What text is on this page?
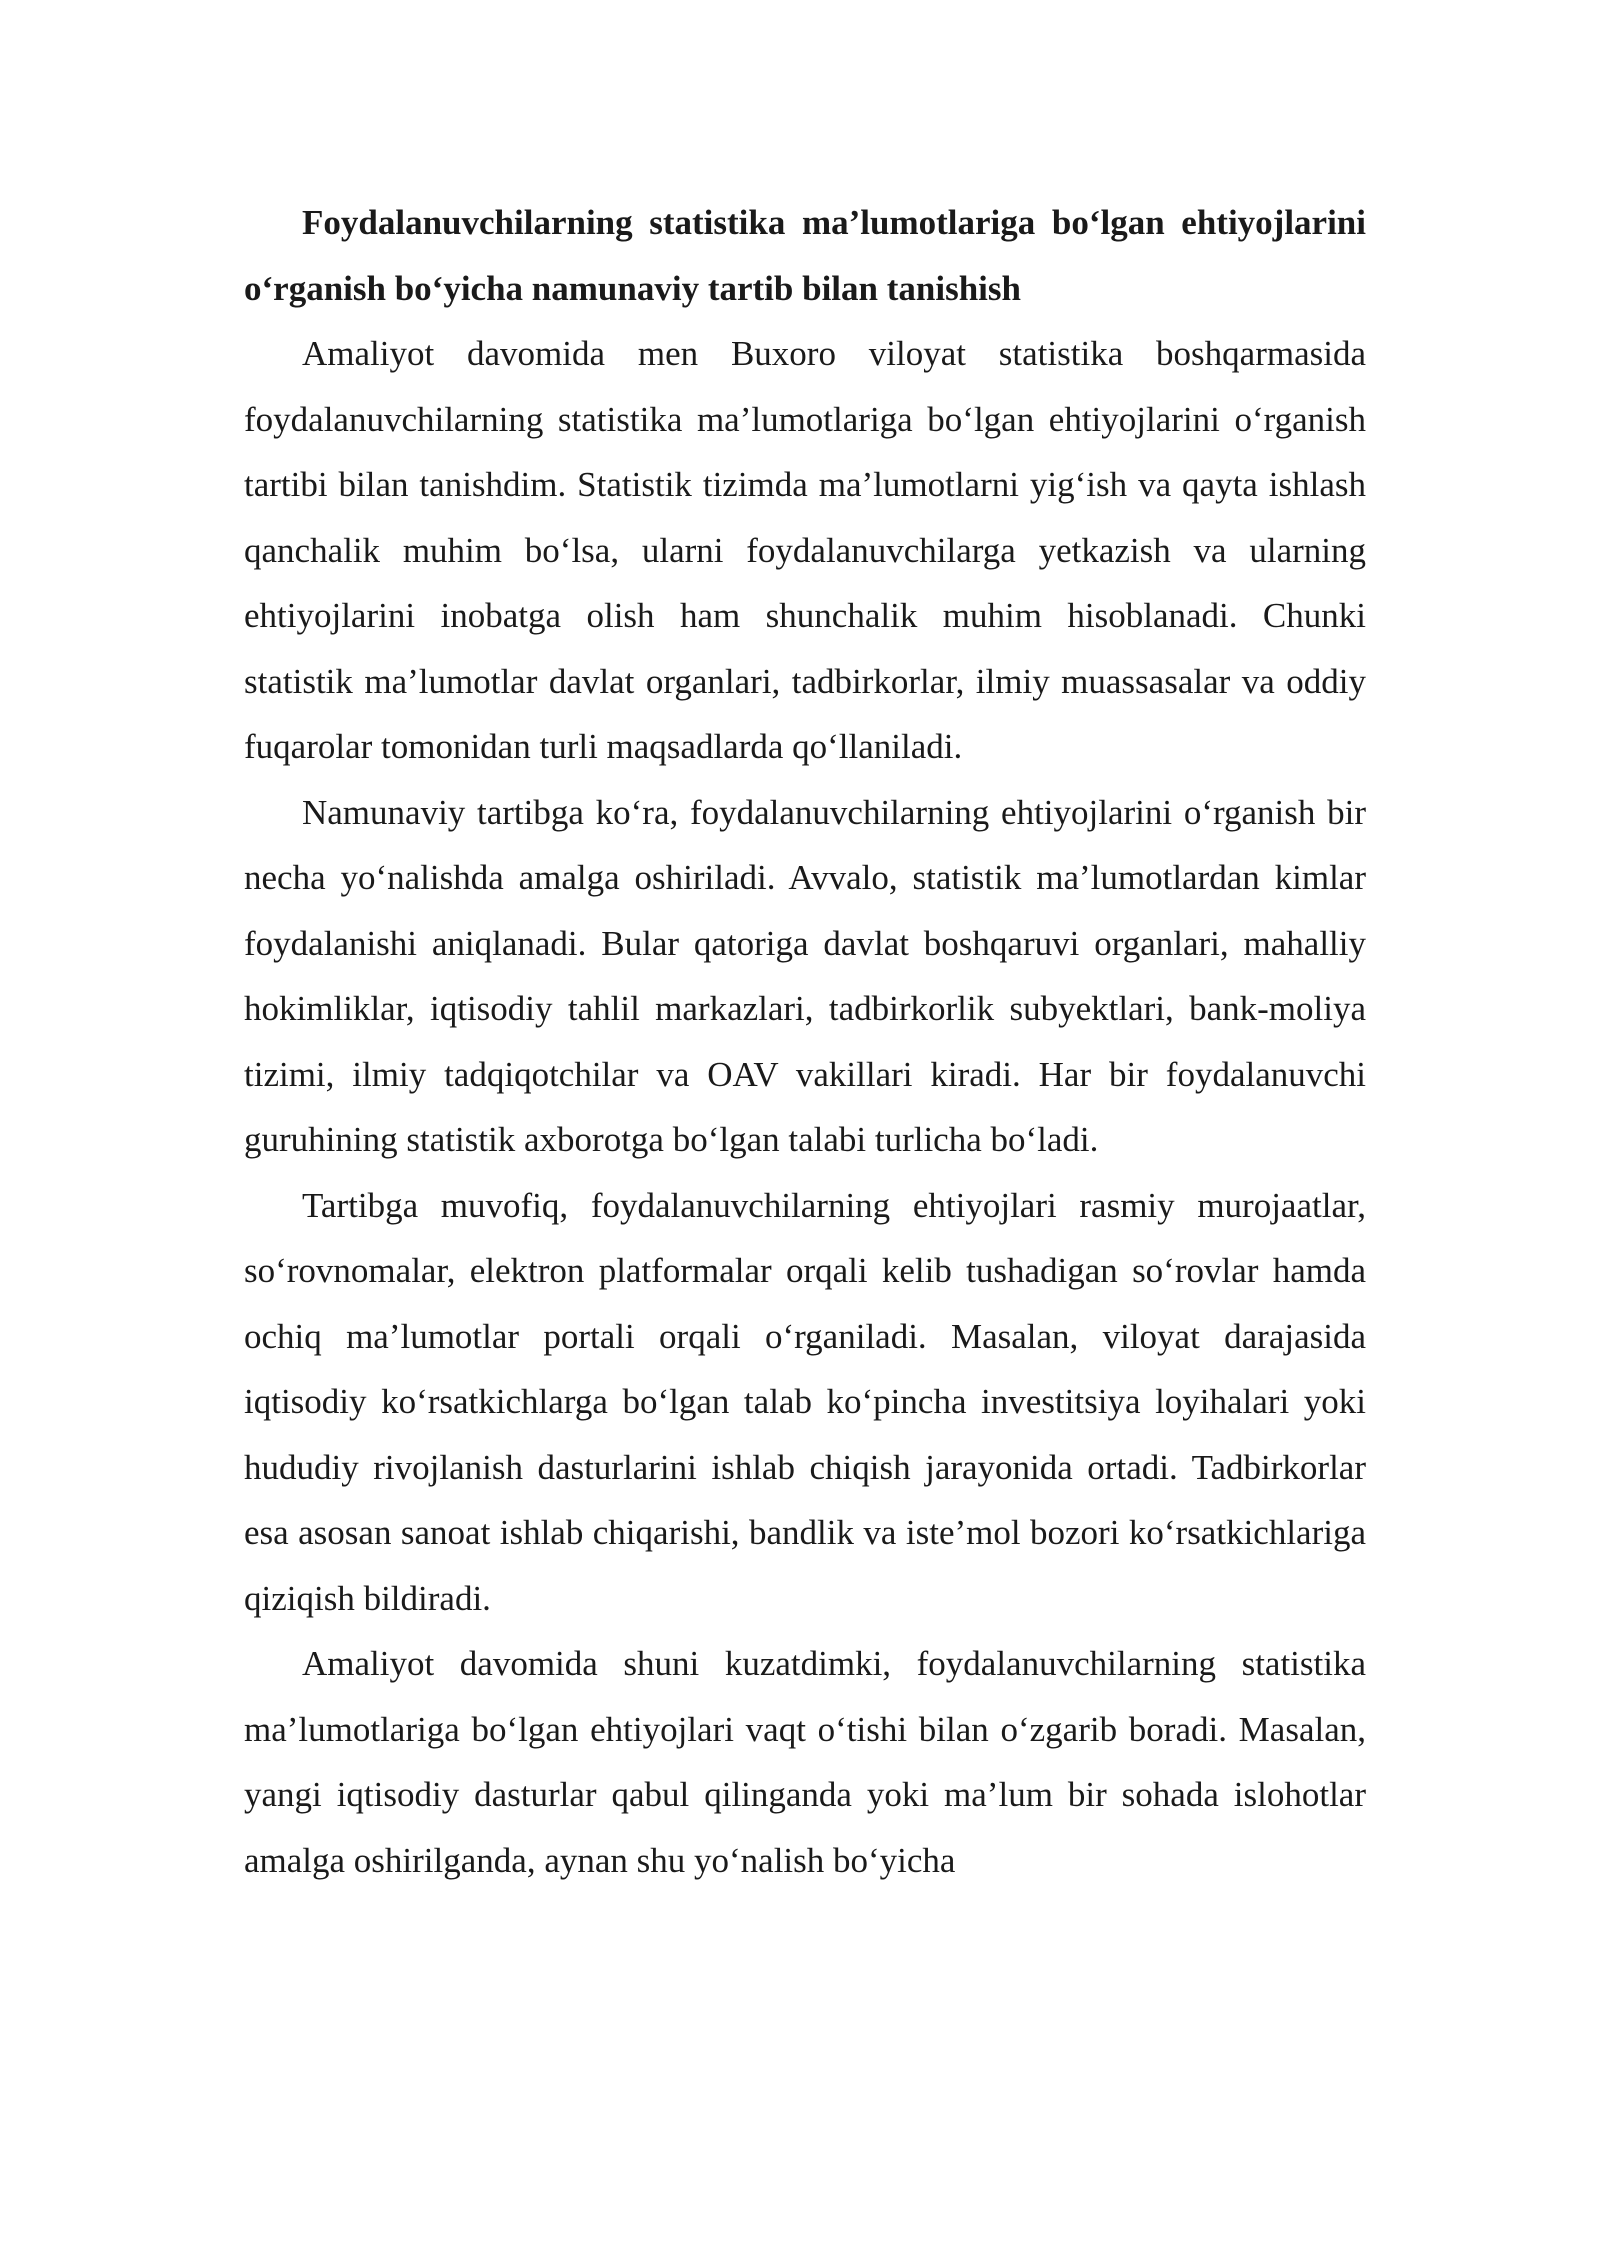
Foydalanuvchilarning statistika ma’lumotlariga bo‘lgan ehtiyojlarini o‘rganish bo‘yicha namunaviy tartib bilan tanishish

Amaliyot davomida men Buxoro viloyat statistika boshqarmasida foydalanuvchilarning statistika ma’lumotlariga bo‘lgan ehtiyojlarini o‘rganish tartibi bilan tanishdim. Statistik tizimda ma’lumotlarni yig‘ish va qayta ishlash qanchalik muhim bo‘lsa, ularni foydalanuvchilarga yetkazish va ularning ehtiyojlarini inobatga olish ham shunchalik muhim hisoblanadi. Chunki statistik ma’lumotlar davlat organlari, tadbirkorlar, ilmiy muassasalar va oddiy fuqarolar tomonidan turli maqsadlarda qo‘llaniladi.

Namunaviy tartibga ko‘ra, foydalanuvchilarning ehtiyojlarini o‘rganish bir necha yo‘nalishda amalga oshiriladi. Avvalo, statistik ma’lumotlardan kimlar foydalanishi aniqlanadi. Bular qatoriga davlat boshqaruvi organlari, mahalliy hokimliklar, iqtisodiy tahlil markazlari, tadbirkorlik subyektlari, bank-moliya tizimi, ilmiy tadqiqotchilar va OAV vakillari kiradi. Har bir foydalanuvchi guruhining statistik axborotga bo‘lgan talabi turlicha bo‘ladi.

Tartibga muvofiq, foydalanuvchilarning ehtiyojlari rasmiy murojaatlar, so‘rovnomalar, elektron platformalar orqali kelib tushadigan so‘rovlar hamda ochiq ma’lumotlar portali orqali o‘rganiladi. Masalan, viloyat darajasida iqtisodiy ko‘rsatkichlarga bo‘lgan talab ko‘pincha investitsiya loyihalari yoki hududiy rivojlanish dasturlarini ishlab chiqish jarayonida ortadi. Tadbirkorlar esa asosan sanoat ishlab chiqarishi, bandlik va iste’mol bozori ko‘rsatkichlariga qiziqish bildiradi.

Amaliyot davomida shuni kuzatdimki, foydalanuvchilarning statistika ma’lumotlariga bo‘lgan ehtiyojlari vaqt o‘tishi bilan o‘zgarib boradi. Masalan, yangi iqtisodiy dasturlar qabul qilinganda yoki ma’lum bir sohada islohotlar amalga oshirilganda, aynan shu yo‘nalish bo‘yicha
